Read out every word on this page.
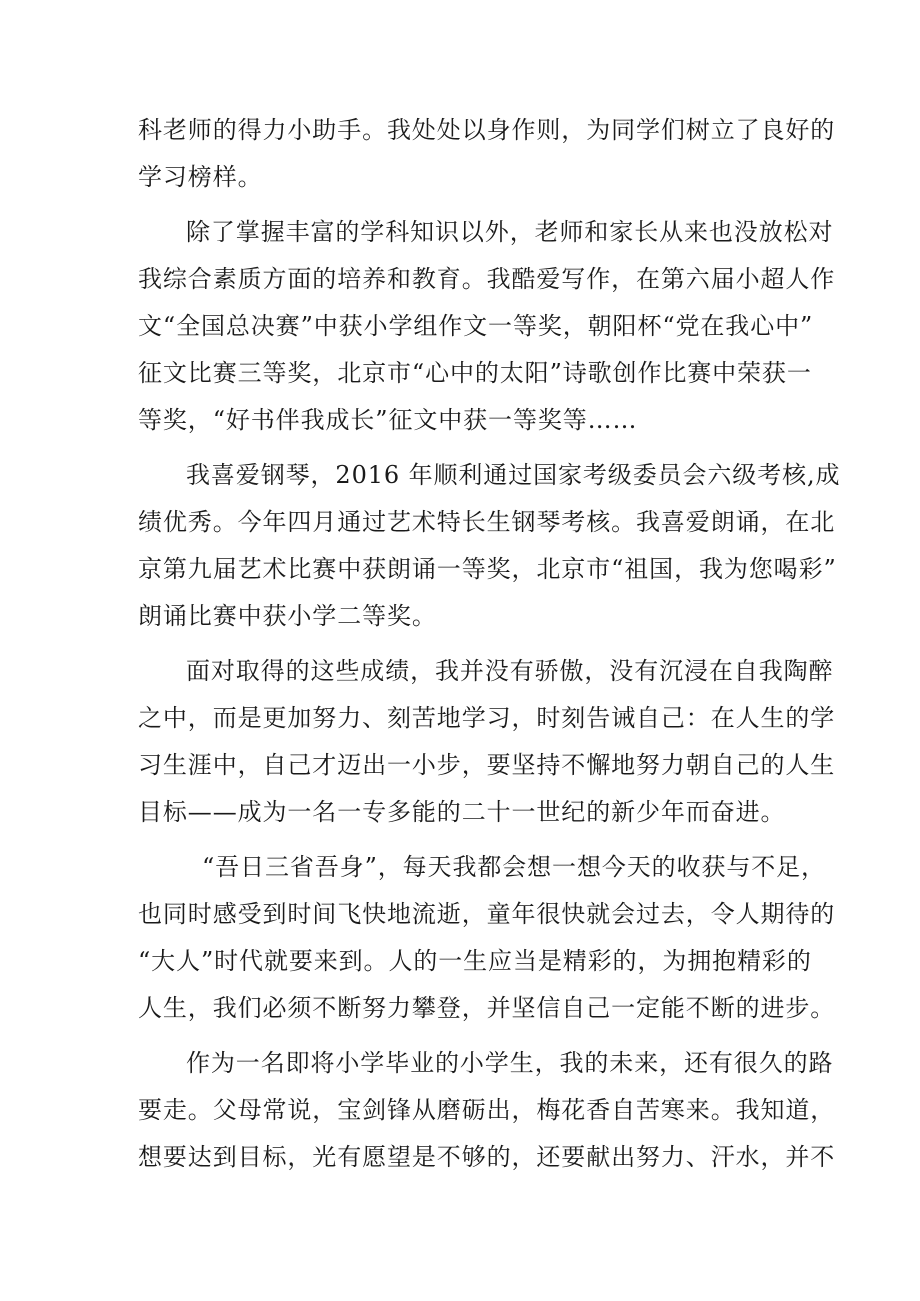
科老师的得力小助手。我处处以身作则，为同学们树立了良好的
学习榜样。
除了掌握丰富的学科知识以外，老师和家长从来也没放松对
我综合素质方面的培养和教育。我酷爱写作，在第六届小超人作
文“全国总决赛”中获小学组作文一等奖，朝阳杯“党在我心中”
征文比赛三等奖，北京市“心中的太阳”诗歌创作比赛中荣获一
等奖，“好书伴我成长”征文中获一等奖等……
我喜爱钢琴，2016 年顺利通过国家考级委员会六级考核,成
绩优秀。今年四月通过艺术特长生钢琴考核。我喜爱朗诵，在北
京第九届艺术比赛中获朗诵一等奖，北京市“祖国，我为您喝彩”
朗诵比赛中获小学二等奖。
面对取得的这些成绩，我并没有骄傲，没有沉浸在自我陶醉
之中，而是更加努力、刻苦地学习，时刻告诫自己：在人生的学
习生涯中，自己才迈出一小步，要坚持不懈地努力朝自己的人生
目标——成为一名一专多能的二十一世纪的新少年而奋进。
“吾日三省吾身”，每天我都会想一想今天的收获与不足，
也同时感受到时间飞快地流逝，童年很快就会过去，令人期待的
“大人”时代就要来到。人的一生应当是精彩的，为拥抱精彩的
人生，我们必须不断努力攀登，并坚信自己一定能不断的进步。
作为一名即将小学毕业的小学生，我的未来，还有很久的路
要走。父母常说，宝剑锋从磨砺出，梅花香自苦寒来。我知道，
想要达到目标，光有愿望是不够的，还要献出努力、汗水，并不
